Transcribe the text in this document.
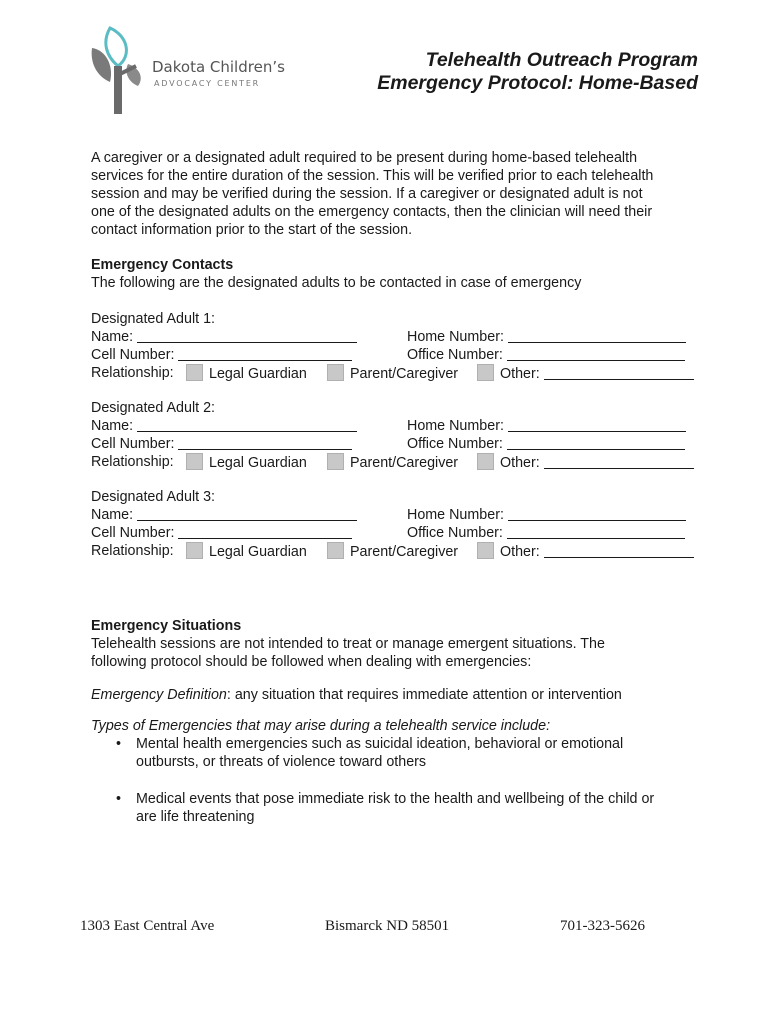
Dakota Children’s
ADVOCACY CENTER
Telehealth Outreach Program
Emergency Protocol: Home-Based
A caregiver or a designated adult required to be present during home-based telehealth
services for the entire duration of the session. This will be verified prior to each telehealth
session and may be verified during the session. If a caregiver or designated adult is not
one of the designated adults on the emergency contacts, then the clinician will need their
contact information prior to the start of the session.
Emergency Contacts
The following are the designated adults to be contacted in case of emergency
Designated Adult 1:
Name:	Home Number:
Cell Number:	Office Number:
Relationship:	Legal Guardian	Parent/Caregiver	Other:
Designated Adult 2:
Name:	Home Number:
Cell Number:	Office Number:
Relationship:	Legal Guardian	Parent/Caregiver	Other:
Designated Adult 3:
Name:	Home Number:
Cell Number:	Office Number:
Relationship:	Legal Guardian	Parent/Caregiver	Other:
Emergency Situations
Telehealth sessions are not intended to treat or manage emergent situations. The
following protocol should be followed when dealing with emergencies:
Emergency Definition: any situation that requires immediate attention or intervention
Types of Emergencies that may arise during a telehealth service include:
• Mental health emergencies such as suicidal ideation, behavioral or emotional
outbursts, or threats of violence toward others
• Medical events that pose immediate risk to the health and wellbeing of the child or
are life threatening
1303 East Central Ave	Bismarck ND 58501	701-323-5626
